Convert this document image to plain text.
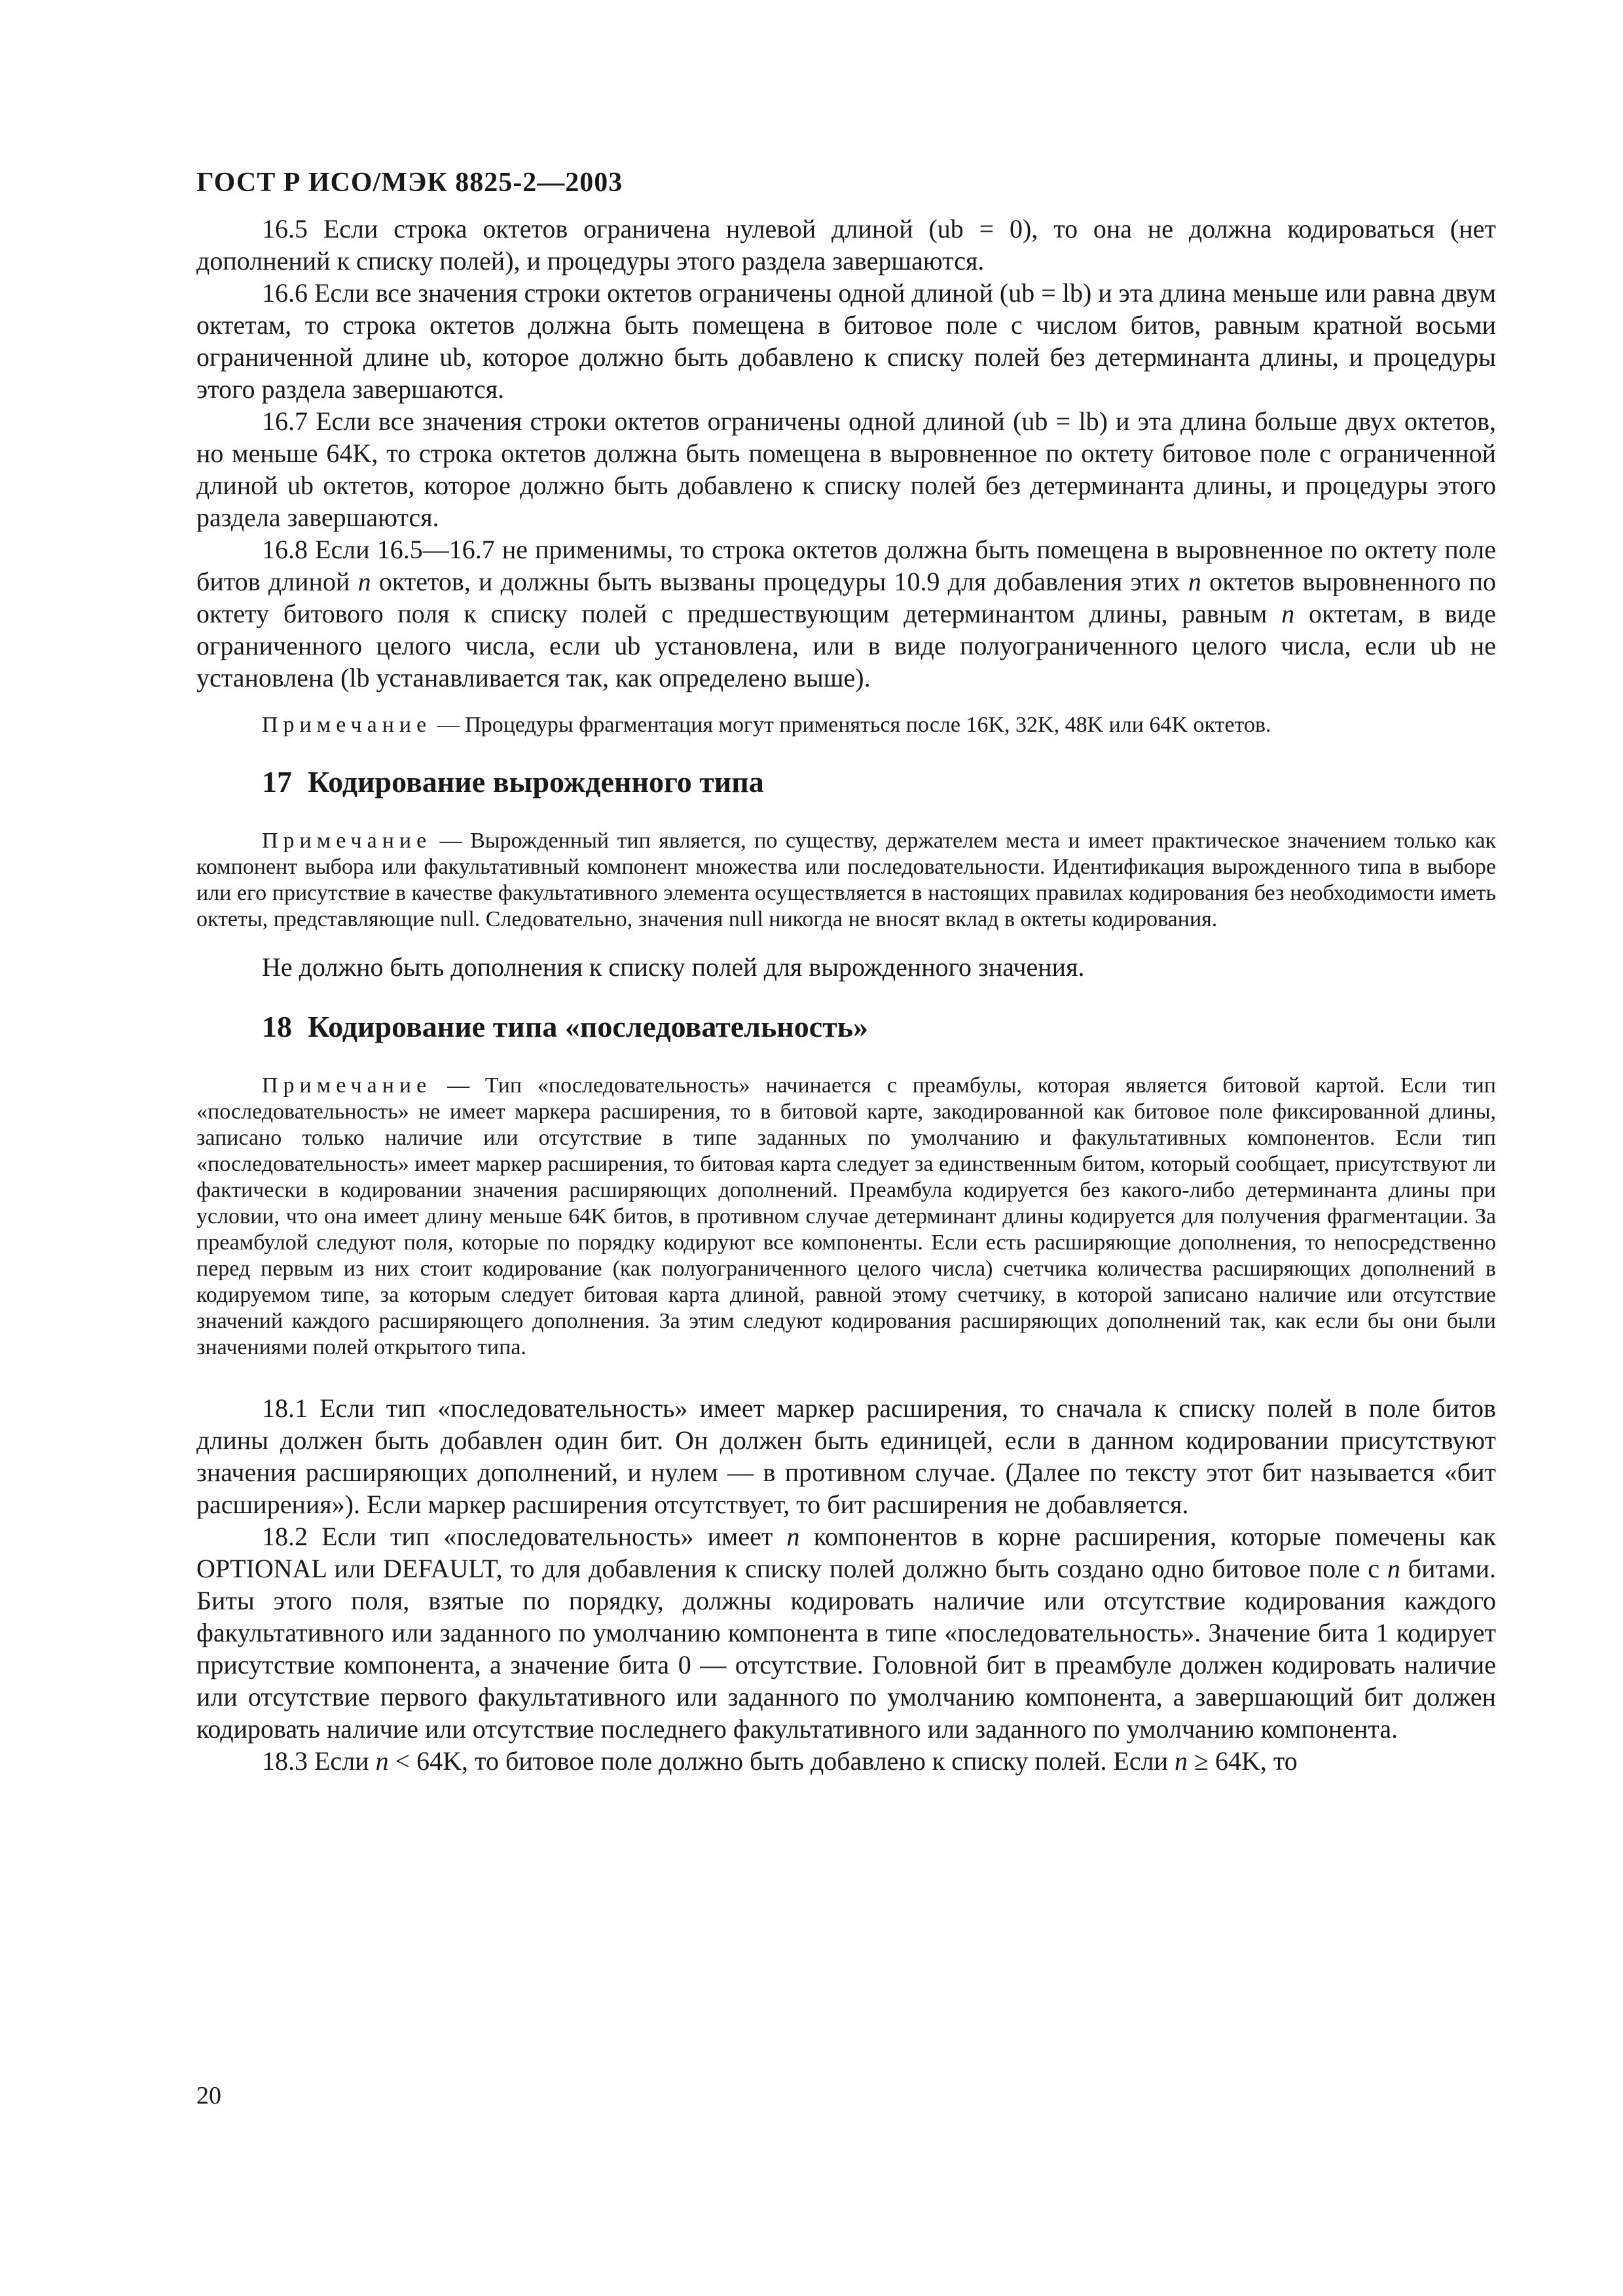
ГОСТ Р ИСО/МЭК 8825-2—2003

16.5 Если строка октетов ограничена нулевой длиной (ub = 0), то она не должна кодироваться (нет дополнений к списку полей), и процедуры этого раздела завершаются.

16.6 Если все значения строки октетов ограничены одной длиной (ub = lb) и эта длина меньше или равна двум октетам, то строка октетов должна быть помещена в битовое поле с числом битов, равным кратной восьми ограниченной длине ub, которое должно быть добавлено к списку полей без детерминанта длины, и процедуры этого раздела завершаются.

16.7 Если все значения строки октетов ограничены одной длиной (ub = lb) и эта длина больше двух октетов, но меньше 64K, то строка октетов должна быть помещена в выровненное по октету битовое поле с ограниченной длиной ub октетов, которое должно быть добавлено к списку полей без детерминанта длины, и процедуры этого раздела завершаются.

16.8 Если 16.5—16.7 не применимы, то строка октетов должна быть помещена в выровненное по октету поле битов длиной n октетов, и должны быть вызваны процедуры 10.9 для добавления этих n октетов выровненного по октету битового поля к списку полей с предшествующим детерминантом длины, равным n октетам, в виде ограниченного целого числа, если ub установлена, или в виде полуограниченного целого числа, если ub не установлена (lb устанавливается так, как определено выше).

Примечание — Процедуры фрагментация могут применяться после 16K, 32K, 48K или 64K октетов.

17 Кодирование вырожденного типа

Примечание — Вырожденный тип является, по существу, держателем места и имеет практическое значением только как компонент выбора или факультативный компонент множества или последовательности. Идентификация вырожденного типа в выборе или его присутствие в качестве факультативного элемента осуществляется в настоящих правилах кодирования без необходимости иметь октеты, представляющие null. Следовательно, значения null никогда не вносят вклад в октеты кодирования.

Не должно быть дополнения к списку полей для вырожденного значения.

18 Кодирование типа «последовательность»

Примечание — Тип «последовательность» начинается с преамбулы, которая является битовой картой. Если тип «последовательность» не имеет маркера расширения, то в битовой карте, закодированной как битовое поле фиксированной длины, записано только наличие или отсутствие в типе заданных по умолчанию и факультативных компонентов. Если тип «последовательность» имеет маркер расширения, то битовая карта следует за единственным битом, который сообщает, присутствуют ли фактически в кодировании значения расширяющих дополнений. Преамбула кодируется без какого-либо детерминанта длины при условии, что она имеет длину меньше 64K битов, в противном случае детерминант длины кодируется для получения фрагментации. За преамбулой следуют поля, которые по порядку кодируют все компоненты. Если есть расширяющие дополнения, то непосредственно перед первым из них стоит кодирование (как полуограниченного целого числа) счетчика количества расширяющих дополнений в кодируемом типе, за которым следует битовая карта длиной, равной этому счетчику, в которой записано наличие или отсутствие значений каждого расширяющего дополнения. За этим следуют кодирования расширяющих дополнений так, как если бы они были значениями полей открытого типа.

18.1 Если тип «последовательность» имеет маркер расширения, то сначала к списку полей в поле битов длины должен быть добавлен один бит. Он должен быть единицей, если в данном кодировании присутствуют значения расширяющих дополнений, и нулем — в противном случае. (Далее по тексту этот бит называется «бит расширения»). Если маркер расширения отсутствует, то бит расширения не добавляется.

18.2 Если тип «последовательность» имеет n компонентов в корне расширения, которые помечены как OPTIONAL или DEFAULT, то для добавления к списку полей должно быть создано одно битовое поле с n битами. Биты этого поля, взятые по порядку, должны кодировать наличие или отсутствие кодирования каждого факультативного или заданного по умолчанию компонента в типе «последовательность». Значение бита 1 кодирует присутствие компонента, а значение бита 0 — отсутствие. Головной бит в преамбуле должен кодировать наличие или отсутствие первого факультативного или заданного по умолчанию компонента, а завершающий бит должен кодировать наличие или отсутствие последнего факультативного или заданного по умолчанию компонента.

18.3 Если n < 64K, то битовое поле должно быть добавлено к списку полей. Если n ≥ 64K, то

20
